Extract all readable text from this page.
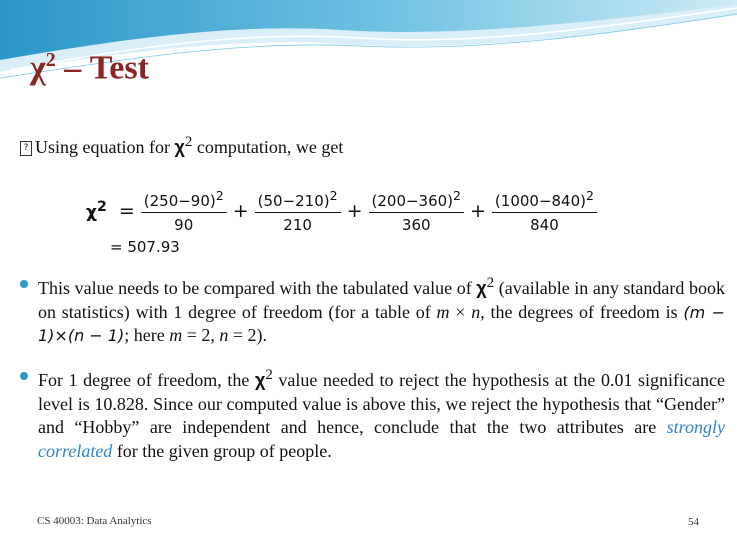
$\chi^2$ – Test
? Using equation for $\chi^2$ computation, we get
$\chi^2 = \frac{(250-90)^2}{90} + \frac{(50-210)^2}{210} + \frac{(200-360)^2}{360} + \frac{(1000-840)^2}{840}$
= 507.93
This value needs to be compared with the tabulated value of $\chi^2$ (available in any standard book on statistics) with 1 degree of freedom (for a table of m × n, the degrees of freedom is (m − 1)×(n − 1); here m = 2, n = 2).
For 1 degree of freedom, the $\chi^2$ value needed to reject the hypothesis at the 0.01 significance level is 10.828. Since our computed value is above this, we reject the hypothesis that “Gender” and “Hobby” are independent and hence, conclude that the two attributes are strongly correlated for the given group of people.
CS 40003: Data Analytics	54
